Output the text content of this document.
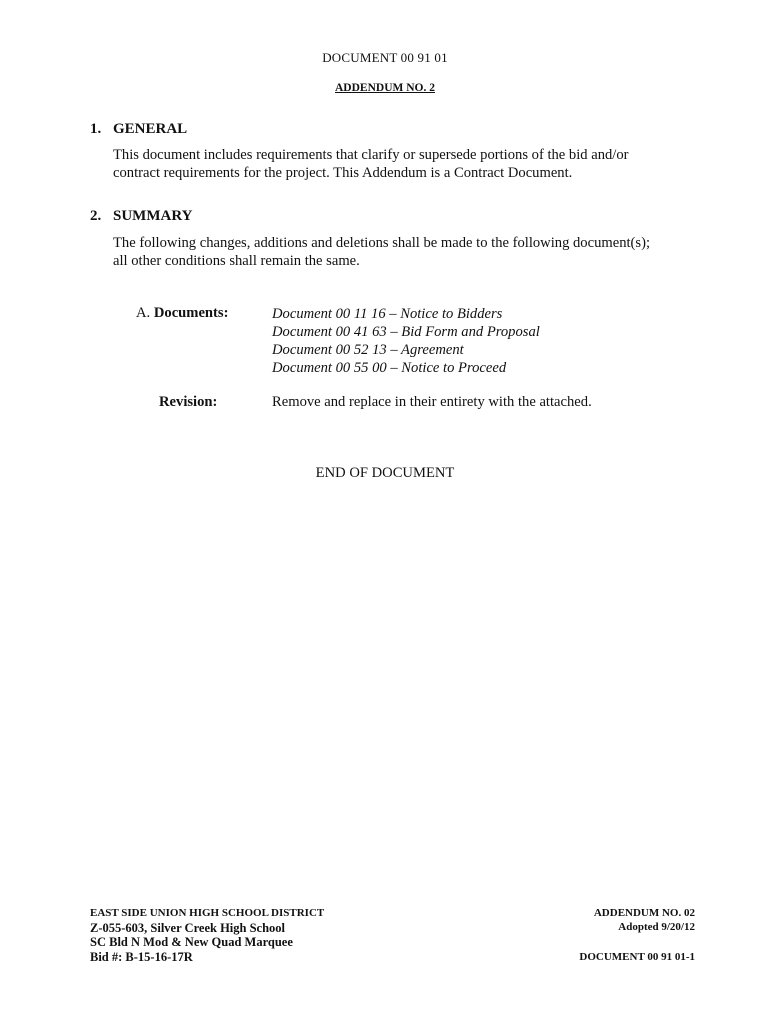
DOCUMENT 00 91 01
ADDENDUM NO. 2
1. GENERAL
This document includes requirements that clarify or supersede portions of the bid and/or
contract requirements for the project. This Addendum is a Contract Document.
2. SUMMARY
The following changes, additions and deletions shall be made to the following document(s);
all other conditions shall remain the same.
A. Documents:	Document 00 11 16 – Notice to Bidders
Document 00 41 63 – Bid Form and Proposal
Document 00 52 13 – Agreement
Document 00 55 00 – Notice to Proceed
Revision:	Remove and replace in their entirety with the attached.
END OF DOCUMENT
EAST SIDE UNION HIGH SCHOOL DISTRICT
Z-055-603, Silver Creek High School
SC Bld N Mod & New Quad Marquee
Bid #: B-15-16-17R
ADDENDUM NO. 02
Adopted 9/20/12
DOCUMENT 00 91 01-1
